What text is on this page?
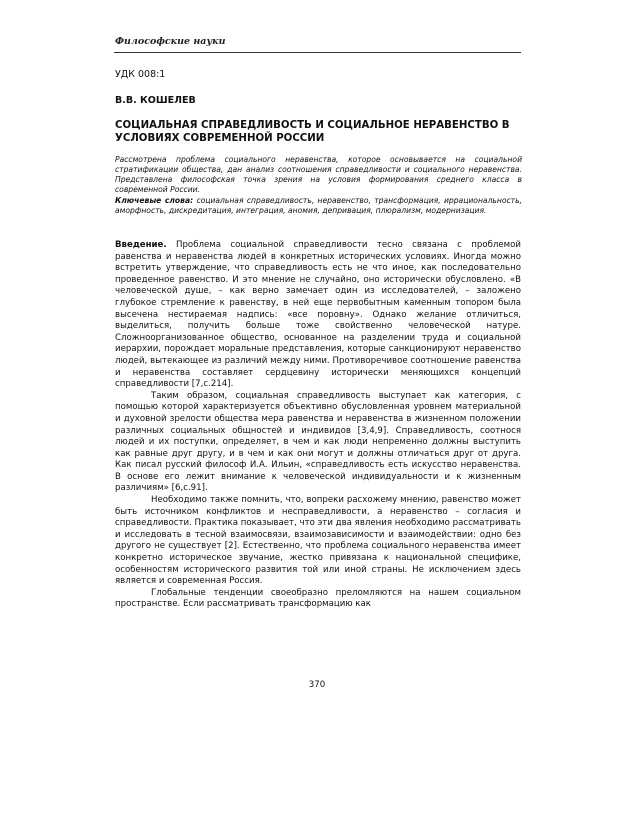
Философские науки
УДК 008:1
В.В. КОШЕЛЕВ
СОЦИАЛЬНАЯ СПРАВЕДЛИВОСТЬ И СОЦИАЛЬНОЕ НЕРАВЕНСТВО В УСЛОВИЯХ СОВРЕМЕННОЙ РОССИИ
Рассмотрена проблема социального неравенства, которое основывается на социальной стратификации общества, дан анализ соотношения справедливости и социального неравенства. Представлена философская точка зрения на условия формирования среднего класса в современной России.
Ключевые слова: социальная справедливость, неравенство, трансформация, иррациональность, аморфность, дискредитация, интеграция, аномия, депривация, плюрализм, модернизация.

Введение. Проблема социальной справедливости тесно связана с проблемой равенства и неравенства людей в конкретных исторических условиях. Иногда можно встретить утверждение, что справедливость есть не что иное, как последовательно проведенное равенство. И это мнение не случайно, оно исторически обусловлено. «В человеческой душе, – как верно замечает один из исследователей, – заложено глубокое стремление к равенству, в ней еще первобытным каменным топором была высечена нестираемая надпись: «все поровну». Однако желание отличиться, выделиться, получить больше тоже свойственно человеческой натуре. Сложноорганизованное общество, основанное на разделении труда и социальной иерархии, порождает моральные представления, которые санкционируют неравенство людей, вытекающее из различий между ними. Противоречивое соотношение равенства и неравенства составляет сердцевину исторически меняющихся концепций справедливости [7,с.214].

Таким образом, социальная справедливость выступает как категория, с помощью которой характеризуется объективно обусловленная уровнем материальной и духовной зрелости общества мера равенства и неравенства в жизненном положении различных социальных общностей и индивидов [3,4,9]. Справедливость, соотнося людей и их поступки, определяет, в чем и как люди непременно должны выступить как равные друг другу, и в чем и как они могут и должны отличаться друг от друга. Как писал русский философ И.А. Ильин, «справедливость есть искусство неравенства. В основе его лежит внимание к человеческой индивидуальности и к жизненным различиям» [6,с.91].

Необходимо также помнить, что, вопреки расхожему мнению, равенство может быть источником конфликтов и несправедливости, а неравенство – согласия и справедливости. Практика показывает, что эти два явления необходимо рассматривать и исследовать в тесной взаимосвязи, взаимозависимости и взаимодействии: одно без другого не существует [2]. Естественно, что проблема социального неравенства имеет конкретно историческое звучание, жестко привязана к национальной специфике, особенностям исторического развития той или иной страны. Не исключением здесь является и современная Россия.

Глобальные тенденции своеобразно преломляются на нашем социальном пространстве. Если рассматривать трансформацию как

370
